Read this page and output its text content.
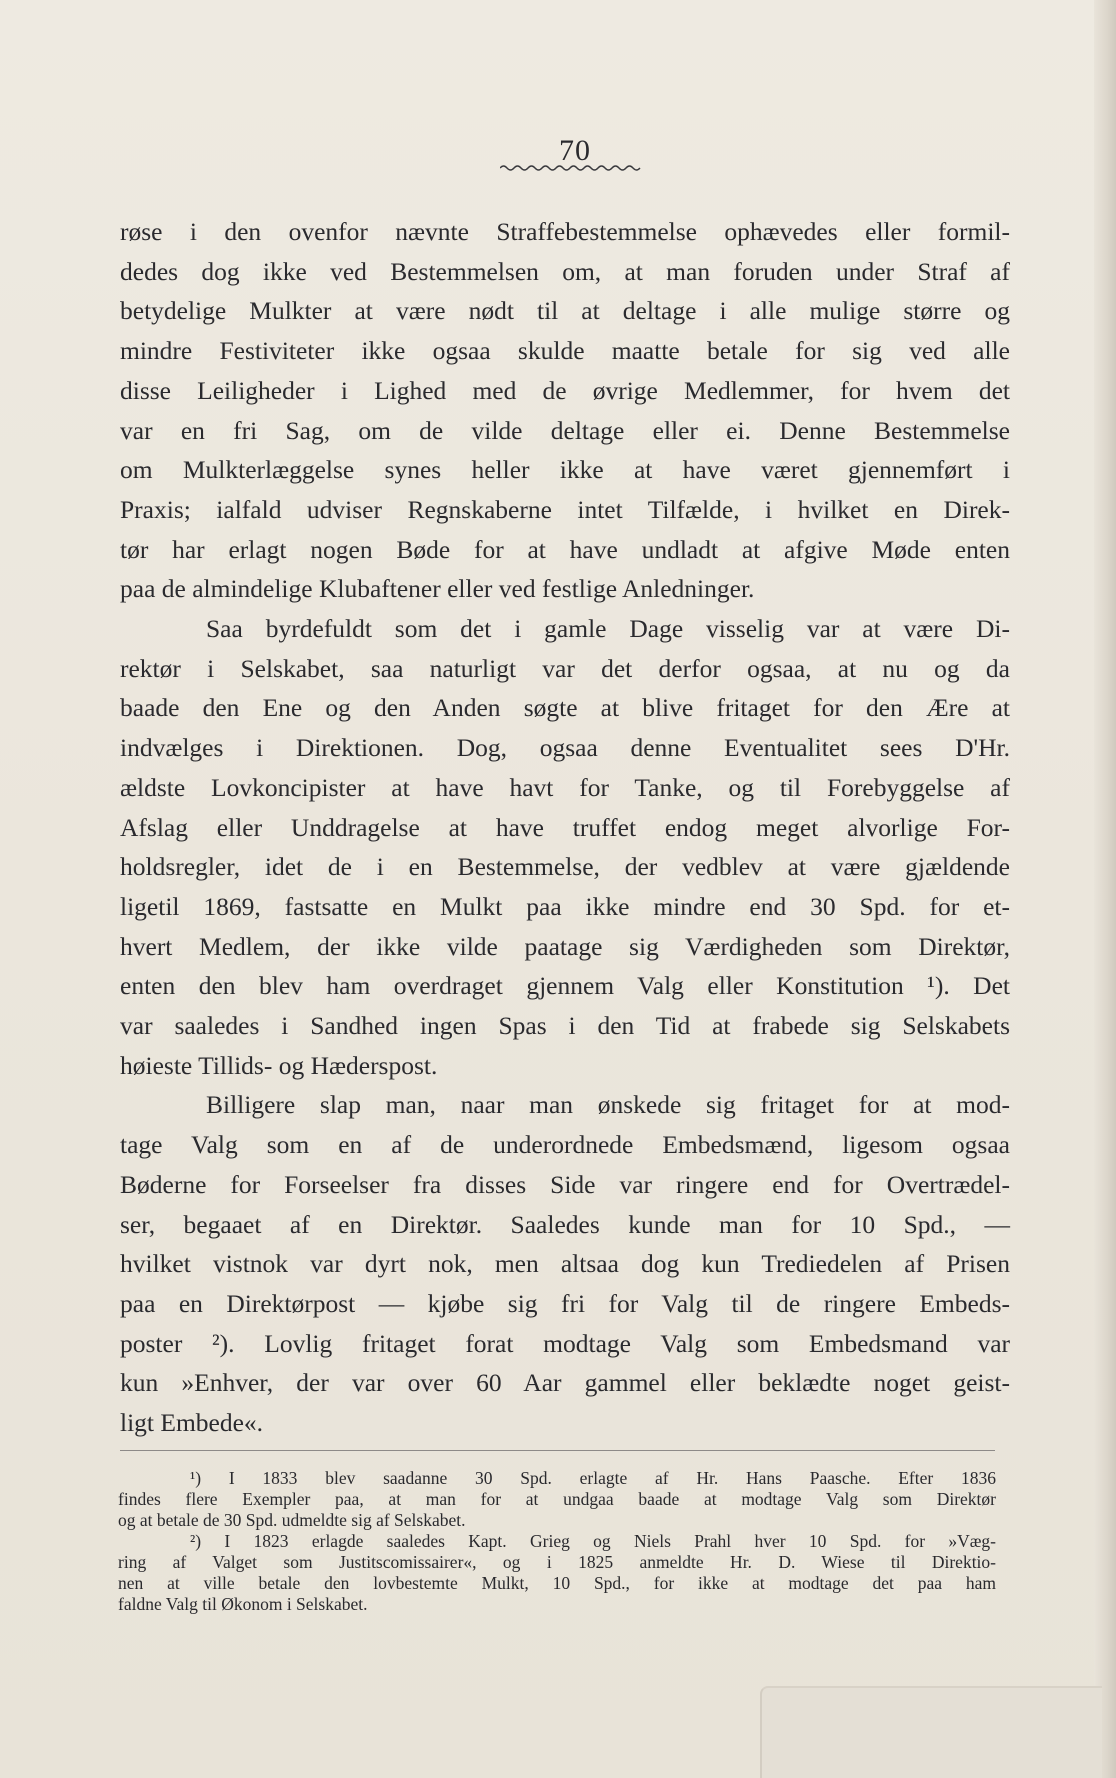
70
røse i den ovenfor nævnte Straffebestemmelse ophævedes eller formil-
dedes dog ikke ved Bestemmelsen om, at man foruden under Straf af
betydelige Mulkter at være nødt til at deltage i alle mulige større og
mindre Festiviteter ikke ogsaa skulde maatte betale for sig ved alle
disse Leiligheder i Lighed med de øvrige Medlemmer, for hvem det
var en fri Sag, om de vilde deltage eller ei. Denne Bestemmelse
om Mulkterlæggelse synes heller ikke at have været gjennemført i
Praxis; ialfald udviser Regnskaberne intet Tilfælde, i hvilket en Direk-
tør har erlagt nogen Bøde for at have undladt at afgive Møde enten
paa de almindelige Klubaftener eller ved festlige Anledninger.
Saa byrdefuldt som det i gamle Dage visselig var at være Di-
rektør i Selskabet, saa naturligt var det derfor ogsaa, at nu og da
baade den Ene og den Anden søgte at blive fritaget for den Ære at
indvælges i Direktionen. Dog, ogsaa denne Eventualitet sees D'Hr.
ældste Lovkoncipister at have havt for Tanke, og til Forebyggelse af
Afslag eller Unddragelse at have truffet endog meget alvorlige For-
holdsregler, idet de i en Bestemmelse, der vedblev at være gjældende
ligetil 1869, fastsatte en Mulkt paa ikke mindre end 30 Spd. for et-
hvert Medlem, der ikke vilde paatage sig Værdigheden som Direktør,
enten den blev ham overdraget gjennem Valg eller Konstitution ¹). Det
var saaledes i Sandhed ingen Spas i den Tid at frabede sig Selskabets
høieste Tillids- og Hæderspost.
Billigere slap man, naar man ønskede sig fritaget for at mod-
tage Valg som en af de underordnede Embedsmænd, ligesom ogsaa
Bøderne for Forseelser fra disses Side var ringere end for Overtrædel-
ser, begaaet af en Direktør. Saaledes kunde man for 10 Spd., —
hvilket vistnok var dyrt nok, men altsaa dog kun Trediedelen af Prisen
paa en Direktørpost — kjøbe sig fri for Valg til de ringere Embeds-
poster ²). Lovlig fritaget forat modtage Valg som Embedsmand var
kun »Enhver, der var over 60 Aar gammel eller beklædte noget geist-
ligt Embede«.
¹) I 1833 blev saadanne 30 Spd. erlagte af Hr. Hans Paasche. Efter 1836
findes flere Exempler paa, at man for at undgaa baade at modtage Valg som Direktør
og at betale de 30 Spd. udmeldte sig af Selskabet.
²) I 1823 erlagde saaledes Kapt. Grieg og Niels Prahl hver 10 Spd. for »Væg-
ring af Valget som Justitscomissairer«, og i 1825 anmeldte Hr. D. Wiese til Direktio-
nen at ville betale den lovbestemte Mulkt, 10 Spd., for ikke at modtage det paa ham
faldne Valg til Økonom i Selskabet.
